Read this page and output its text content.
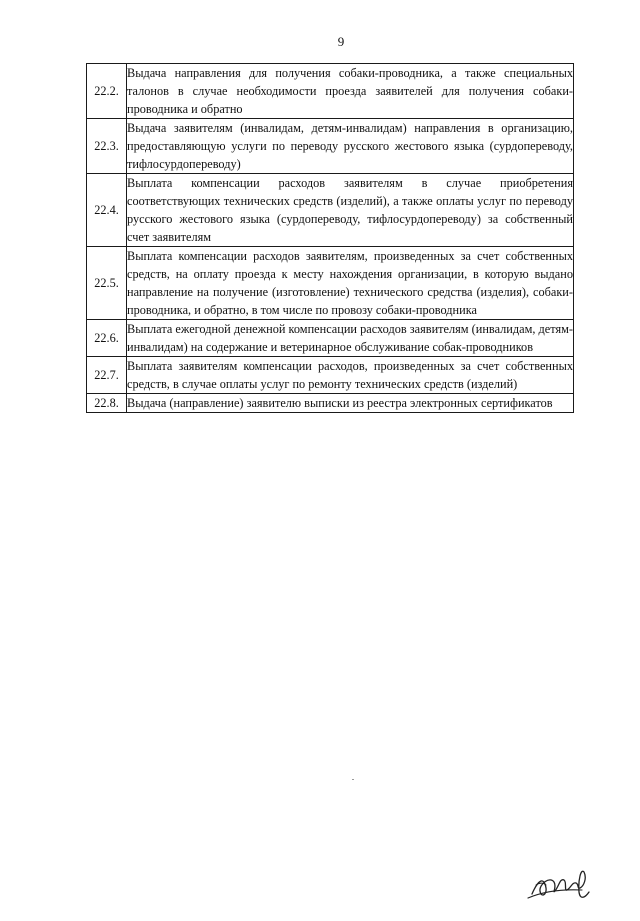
9
22.2.	Выдача направления для получения собаки-проводника, а также специальных талонов в случае необходимости проезда заявителей для получения собаки-проводника и обратно
22.3.	Выдача заявителям (инвалидам, детям-инвалидам) направления в организацию, предоставляющую услуги по переводу русского жестового языка (сурдопереводу, тифлосурдопереводу)
22.4.	Выплата компенсации расходов заявителям в случае приобретения соответствующих технических средств (изделий), а также оплаты услуг по переводу русского жестового языка (сурдопереводу, тифлосурдопереводу) за собственный счет заявителям
22.5.	Выплата компенсации расходов заявителям, произведенных за счет собственных средств, на оплату проезда к месту нахождения организации, в которую выдано направление на получение (изготовление) технического средства (изделия), собаки-проводника, и обратно, в том числе по провозу собаки-проводника
22.6.	Выплата ежегодной денежной компенсации расходов заявителям (инвалидам, детям-инвалидам) на содержание и ветеринарное обслуживание собак-проводников
22.7.	Выплата заявителям компенсации расходов, произведенных за счет собственных средств, в случае оплаты услуг по ремонту технических средств (изделий)
22.8.	Выдача (направление) заявителю выписки из реестра электронных сертификатов
